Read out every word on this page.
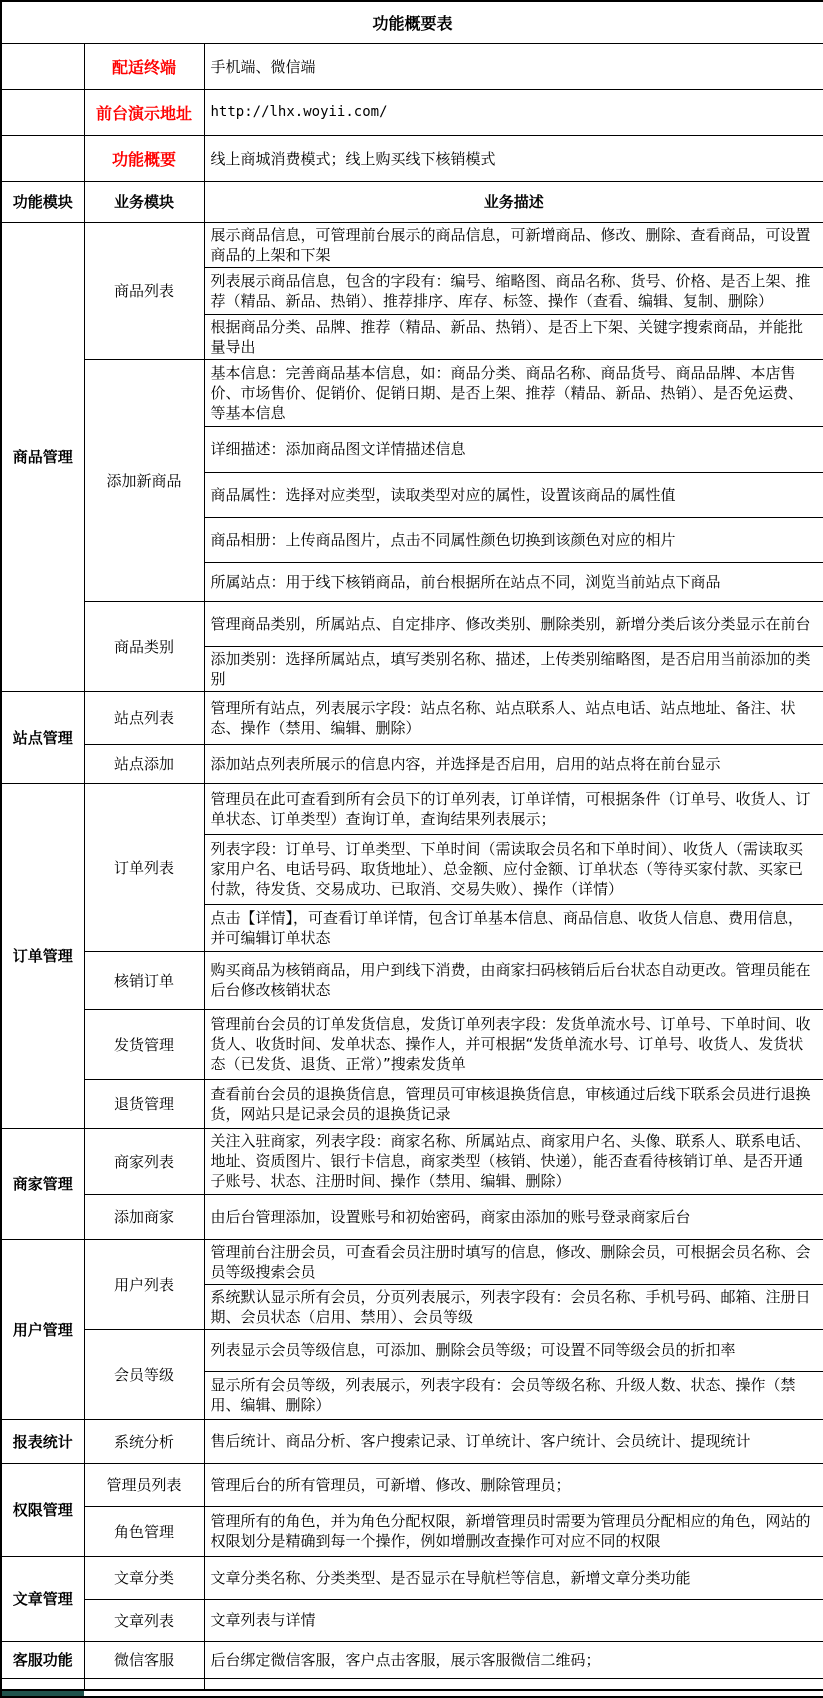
功能概要表		
	配适终端	手机端、微信端
	前台演示地址	http://lhx.woyii.com/
	功能概要	线上商城消费模式；线上购买线下核销模式
功能模块	业务模块	业务描述
商品管理	商品列表	展示商品信息，可管理前台展示的商品信息，可新增商品、修改、删除、查看商品，可设置商品的上架和下架
		列表展示商品信息，包含的字段有：编号、缩略图、商品名称、货号、价格、是否上架、推荐（精品、新品、热销）、推荐排序、库存、标签、操作（查看、编辑、复制、删除）
		根据商品分类、品牌、推荐（精品、新品、热销）、是否上下架、关键字搜索商品，并能批量导出
	添加新商品	基本信息：完善商品基本信息，如：商品分类、商品名称、商品货号、商品品牌、本店售价、市场售价、促销价、促销日期、是否上架、推荐（精品、新品、热销）、是否免运费、等基本信息
		详细描述：添加商品图文详情描述信息
		商品属性：选择对应类型，读取类型对应的属性，设置该商品的属性值
		商品相册：上传商品图片，点击不同属性颜色切换到该颜色对应的相片
		所属站点：用于线下核销商品，前台根据所在站点不同，浏览当前站点下商品
	商品类别	管理商品类别，所属站点、自定排序、修改类别、删除类别，新增分类后该分类显示在前台
		添加类别：选择所属站点，填写类别名称、描述，上传类别缩略图，是否启用当前添加的类别
站点管理	站点列表	管理所有站点，列表展示字段：站点名称、站点联系人、站点电话、站点地址、备注、状态、操作（禁用、编辑、删除）
	站点添加	添加站点列表所展示的信息内容，并选择是否启用，启用的站点将在前台显示
订单管理	订单列表	管理员在此可查看到所有会员下的订单列表，订单详情，可根据条件（订单号、收货人、订单状态、订单类型）查询订单，查询结果列表展示；
		列表字段：订单号、订单类型、下单时间（需读取会员名和下单时间）、收货人（需读取买家用户名、电话号码、取货地址）、总金额、应付金额、订单状态（等待买家付款、买家已付款，待发货、交易成功、已取消、交易失败）、操作（详情）
		点击【详情】，可查看订单详情，包含订单基本信息、商品信息、收货人信息、费用信息，并可编辑订单状态
	核销订单	购买商品为核销商品，用户到线下消费，由商家扫码核销后后台状态自动更改。管理员能在后台修改核销状态
	发货管理	管理前台会员的订单发货信息，发货订单列表字段：发货单流水号、订单号、下单时间、收货人、收货时间、发单状态、操作人，并可根据“发货单流水号、订单号、收货人、发货状态（已发货、退货、正常）”搜索发货单
	退货管理	查看前台会员的退换货信息，管理员可审核退换货信息，审核通过后线下联系会员进行退换货，网站只是记录会员的退换货记录
商家管理	商家列表	关注入驻商家，列表字段：商家名称、所属站点、商家用户名、头像、联系人、联系电话、地址、资质图片、银行卡信息，商家类型（核销、快递），能否查看待核销订单、是否开通子账号、状态、注册时间、操作（禁用、编辑、删除）
	添加商家	由后台管理添加，设置账号和初始密码，商家由添加的账号登录商家后台
用户管理	用户列表	管理前台注册会员，可查看会员注册时填写的信息，修改、删除会员，可根据会员名称、会员等级搜索会员
		系统默认显示所有会员，分页列表展示，列表字段有：会员名称、手机号码、邮箱、注册日期、会员状态（启用、禁用）、会员等级
	会员等级	列表显示会员等级信息，可添加、删除会员等级；可设置不同等级会员的折扣率
		显示所有会员等级，列表展示，列表字段有：会员等级名称、升级人数、状态、操作（禁用、编辑、删除）
报表统计	系统分析	售后统计、商品分析、客户搜索记录、订单统计、客户统计、会员统计、提现统计
权限管理	管理员列表	管理后台的所有管理员，可新增、修改、删除管理员；
	角色管理	管理所有的角色，并为角色分配权限，新增管理员时需要为管理员分配相应的角色，网站的权限划分是精确到每一个操作，例如增删改查操作可对应不同的权限
文章管理	文章分类	文章分类名称、分类类型、是否显示在导航栏等信息，新增文章分类功能
	文章列表	文章列表与详情
客服功能	微信客服	后台绑定微信客服，客户点击客服，展示客服微信二维码；
